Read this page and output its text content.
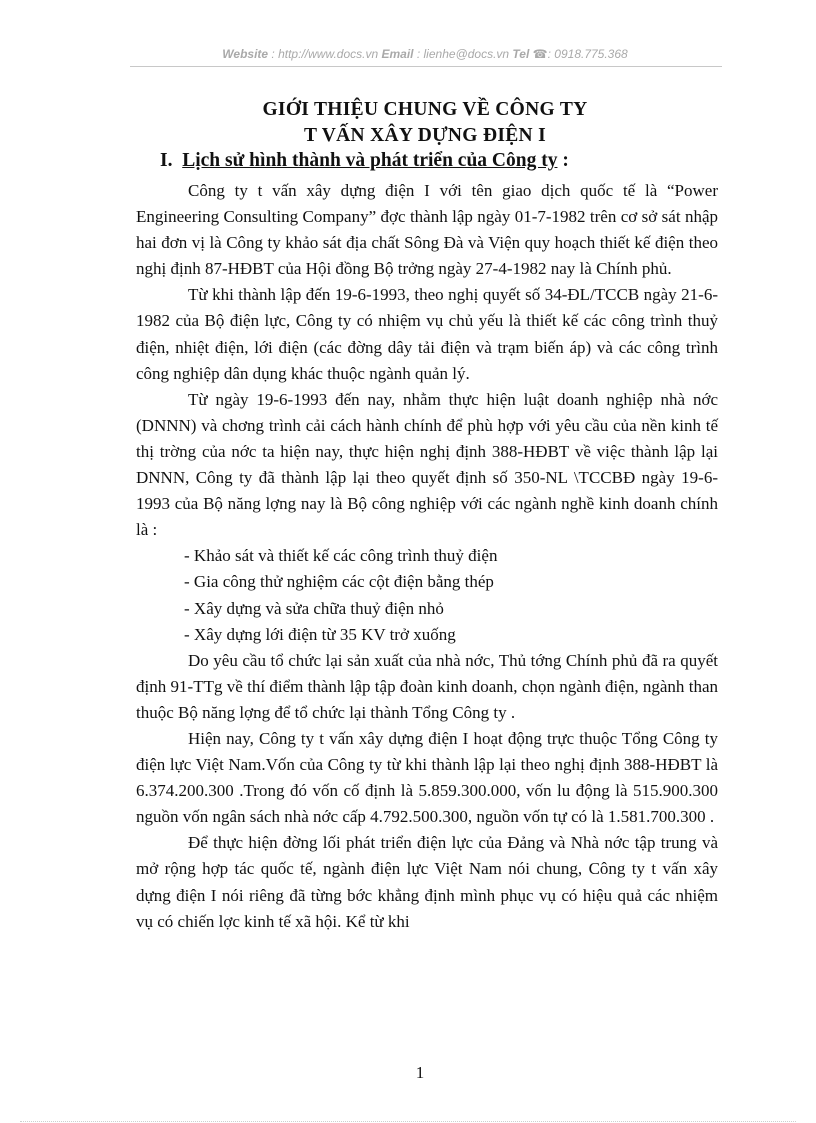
Website : http://www.docs.vn Email : lienhe@docs.vn Tel ☎: 0918.775.368
GIỚI THIỆU CHUNG VỀ CÔNG TY
T VẤN XÂY DỰNG ĐIỆN I
I. Lịch sử hình thành và phát triển của Công ty :

Công ty t vấn xây dựng điện I với tên giao dịch quốc tế là “Power Engineering Consulting Company” đợc thành lập ngày 01-7-1982 trên cơ sở sát nhập hai đơn vị là Công ty khảo sát địa chất Sông Đà và Viện quy hoạch thiết kế điện theo nghị định 87-HĐBT của Hội đồng Bộ trởng ngày 27-4-1982 nay là Chính phủ.

Từ khi thành lập đến 19-6-1993, theo nghị quyết số 34-ĐL/TCCB ngày 21-6-1982 của Bộ điện lực, Công ty có nhiệm vụ chủ yếu là thiết kế các công trình thuỷ điện, nhiệt điện, lới điện (các đờng dây tải điện và trạm biến áp) và các công trình công nghiệp dân dụng khác thuộc ngành quản lý.

Từ ngày 19-6-1993 đến nay, nhằm thực hiện luật doanh nghiệp nhà nớc (DNNN) và chơng trình cải cách hành chính để phù hợp với yêu cầu của nền kinh tế thị trờng của nớc ta hiện nay, thực hiện nghị định 388-HĐBT về việc thành lập lại DNNN, Công ty đã thành lập lại theo quyết định số 350-NL \TCCBĐ ngày 19-6-1993 của Bộ năng lợng nay là Bộ công nghiệp với các ngành nghề kinh doanh chính là :

- Khảo sát và thiết kế các công trình thuỷ điện
- Gia công thử nghiệm các cột điện bằng thép
- Xây dựng và sửa chữa thuỷ điện nhỏ
- Xây dựng lới điện từ 35 KV trở xuống

Do yêu cầu tổ chức lại sản xuất của nhà nớc, Thủ tớng Chính phủ đã ra quyết định 91-TTg về thí điểm thành lập tập đoàn kinh doanh, chọn ngành điện, ngành than thuộc Bộ năng lợng để tổ chức lại thành Tổng Công ty .

Hiện nay, Công ty t vấn xây dựng điện I hoạt động trực thuộc Tổng Công ty điện lực Việt Nam.Vốn của Công ty từ khi thành lập lại theo nghị định 388-HĐBT là 6.374.200.300 .Trong đó vốn cố định là 5.859.300.000, vốn lu động là 515.900.300 nguồn vốn ngân sách nhà nớc cấp 4.792.500.300, nguồn vốn tự có là 1.581.700.300 .

Để thực hiện đờng lối phát triển điện lực của Đảng và Nhà nớc tập trung và mở rộng hợp tác quốc tế, ngành điện lực Việt Nam nói chung, Công ty t vấn xây dựng điện I nói riêng đã từng bớc khẳng định mình phục vụ có hiệu quả các nhiệm vụ có chiến lợc kinh tế xã hội. Kể từ khi

1
